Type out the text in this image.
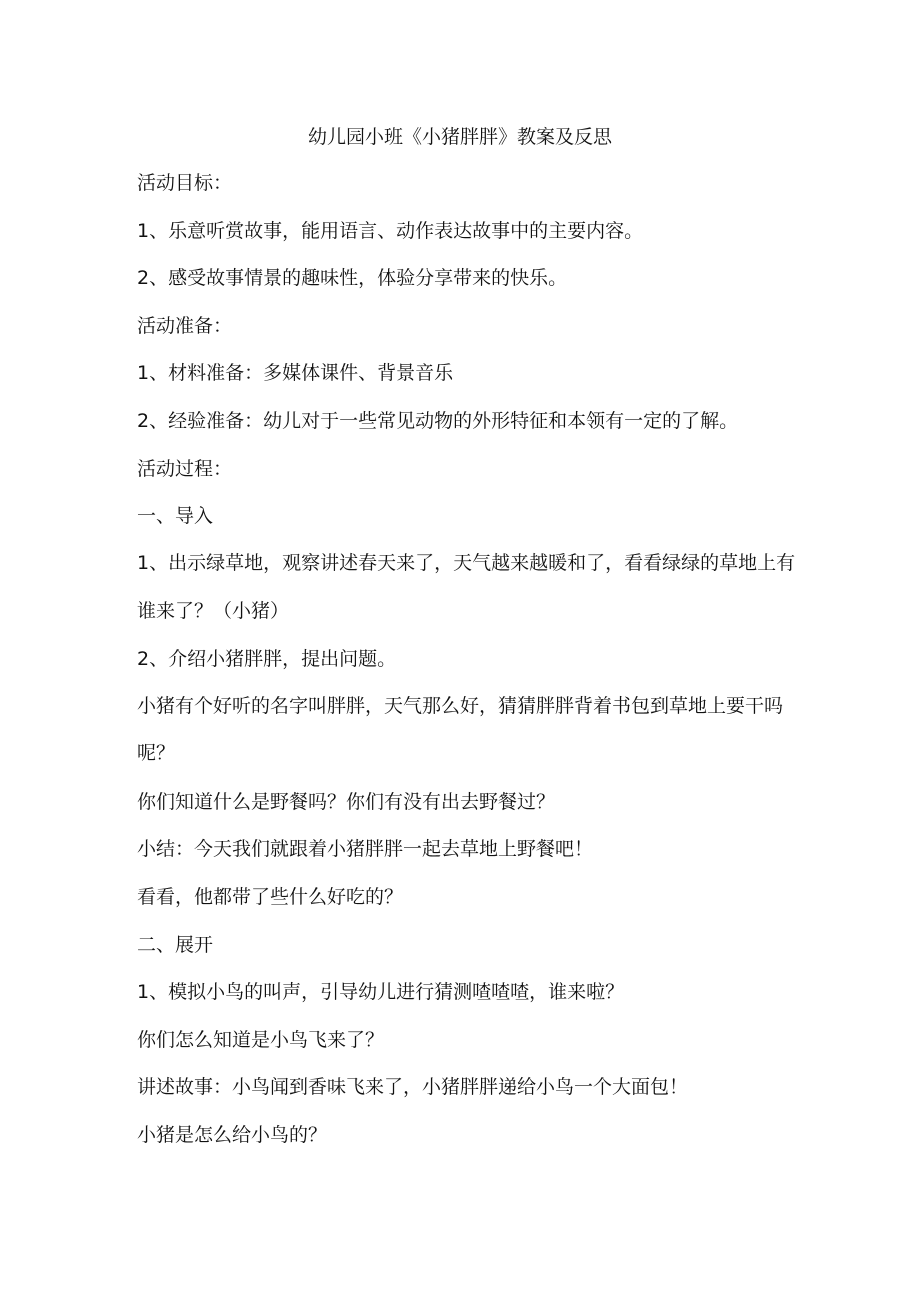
幼儿园小班《小猪胖胖》教案及反思

活动目标：

1、乐意听赏故事，能用语言、动作表达故事中的主要内容。

2、感受故事情景的趣味性，体验分享带来的快乐。

活动准备：

1、材料准备：多媒体课件、背景音乐

2、经验准备：幼儿对于一些常见动物的外形特征和本领有一定的了解。

活动过程：

一、导入

1、出示绿草地，观察讲述春天来了，天气越来越暖和了，看看绿绿的草地上有谁来了？（小猪）

2、介绍小猪胖胖，提出问题。

小猪有个好听的名字叫胖胖，天气那么好，猜猜胖胖背着书包到草地上要干吗呢？

你们知道什么是野餐吗？你们有没有出去野餐过？

小结：今天我们就跟着小猪胖胖一起去草地上野餐吧！

看看，他都带了些什么好吃的？

二、展开

1、模拟小鸟的叫声，引导幼儿进行猜测喳喳喳，谁来啦？

你们怎么知道是小鸟飞来了？

讲述故事：小鸟闻到香味飞来了，小猪胖胖递给小鸟一个大面包！

小猪是怎么给小鸟的？
